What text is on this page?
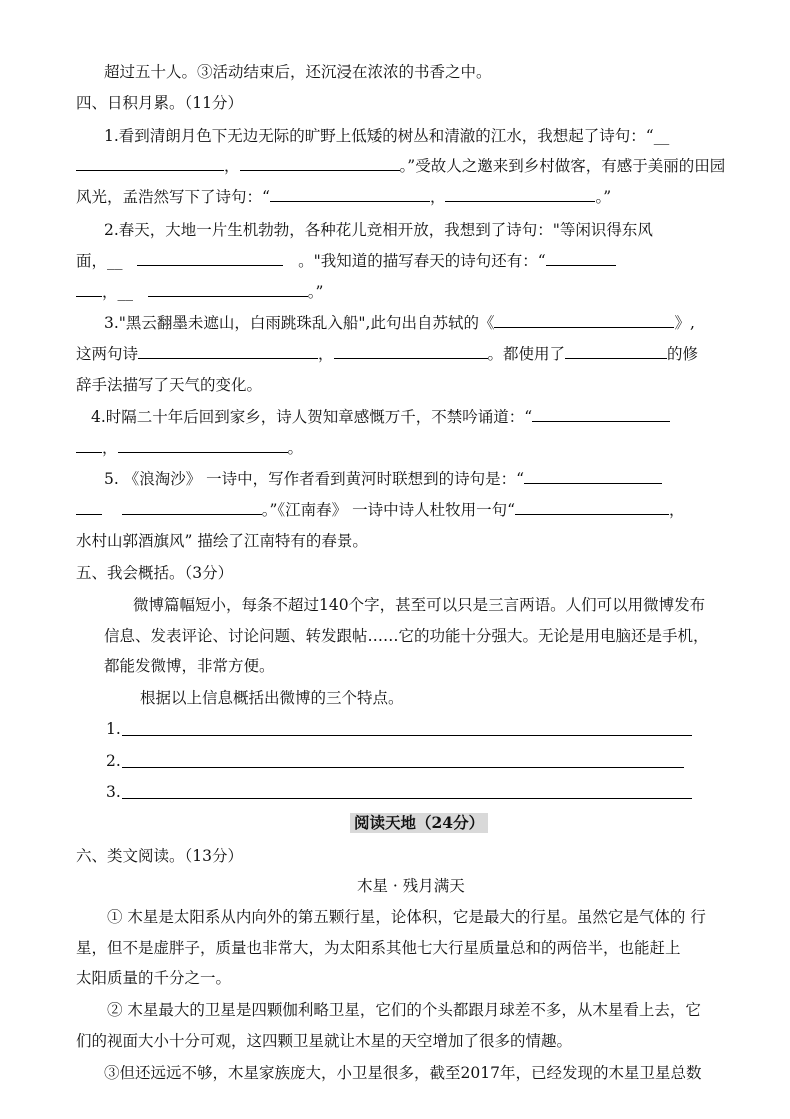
超过五十人。③活动结束后，还沉浸在浓浓的书香之中。
四、日积月累。（11分）
1.看到清朗月色下无边无际的旷野上低矮的树丛和清澈的江水，我想起了诗句：“__
，	。”受故人之邀来到乡村做客，有感于美丽的田园
风光，孟浩然写下了诗句：“	，	。”
2.春天，大地一片生机勃勃，各种花儿竞相开放，我想到了诗句："等闲识得东风
面，__	。"我知道的描写春天的诗句还有：“
，__	。”
3."黑云翻墨未遮山，白雨跳珠乱入船",此句出自苏轼的《	》,
这两句诗	，	。都使用了	的修
辞手法描写了天气的变化。
4.时隔二十年后回到家乡，诗人贺知章感慨万千，不禁吟诵道：“
，	。
5. 《浪淘沙》 一诗中，写作者看到黄河时联想到的诗句是：“
。”《江南春》 一诗中诗人杜牧用一句“	，
水村山郭酒旗风” 描绘了江南特有的春景。
五、我会概括。（3分）
微博篇幅短小，每条不超过140个字，甚至可以只是三言两语。人们可以用微博发布
信息、发表评论、讨论问题、转发跟帖……它的功能十分强大。无论是用电脑还是手机，
都能发微博，非常方便。
根据以上信息概括出微博的三个特点。
1.
2.
3.
阅读天地（24分）
六、类文阅读。（13分）
木星 · 残月满天
① 木星是太阳系从内向外的第五颗行星，论体积，它是最大的行星。虽然它是气体的 行
星，但不是虚胖子，质量也非常大，为太阳系其他七大行星质量总和的两倍半，也能赶上
太阳质量的千分之一。
② 木星最大的卫星是四颗伽利略卫星，它们的个头都跟月球差不多，从木星看上去，它
们的视面大小十分可观，这四颗卫星就让木星的天空增加了很多的情趣。
③但还远远不够，木星家族庞大，小卫星很多，截至2017年，已经发现的木星卫星总数
